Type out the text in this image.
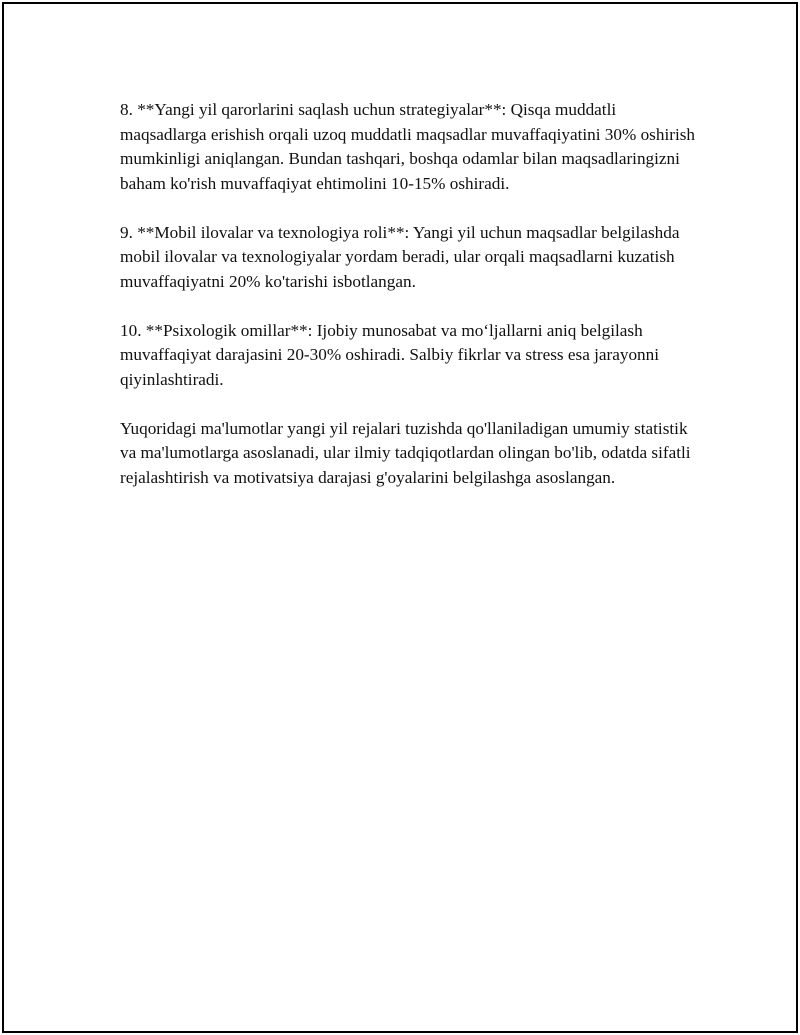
8. **Yangi yil qarorlarini saqlash uchun strategiyalar**: Qisqa muddatli maqsadlarga erishish orqali uzoq muddatli maqsadlar muvaffaqiyatini 30% oshirish mumkinligi aniqlangan. Bundan tashqari, boshqa odamlar bilan maqsadlaringizni baham ko'rish muvaffaqiyat ehtimolini 10-15% oshiradi.

9. **Mobil ilovalar va texnologiya roli**: Yangi yil uchun maqsadlar belgilashda mobil ilovalar va texnologiyalar yordam beradi, ular orqali maqsadlarni kuzatish muvaffaqiyatni 20% ko'tarishi isbotlangan.

10. **Psixologik omillar**: Ijobiy munosabat va mo‘ljallarni aniq belgilash muvaffaqiyat darajasini 20-30% oshiradi. Salbiy fikrlar va stress esa jarayonni qiyinlashtiradi.

Yuqoridagi ma'lumotlar yangi yil rejalari tuzishda qo'llaniladigan umumiy statistik va ma'lumotlarga asoslanadi, ular ilmiy tadqiqotlardan olingan bo'lib, odatda sifatli rejalashtirish va motivatsiya darajasi g'oyalarini belgilashga asoslangan.
